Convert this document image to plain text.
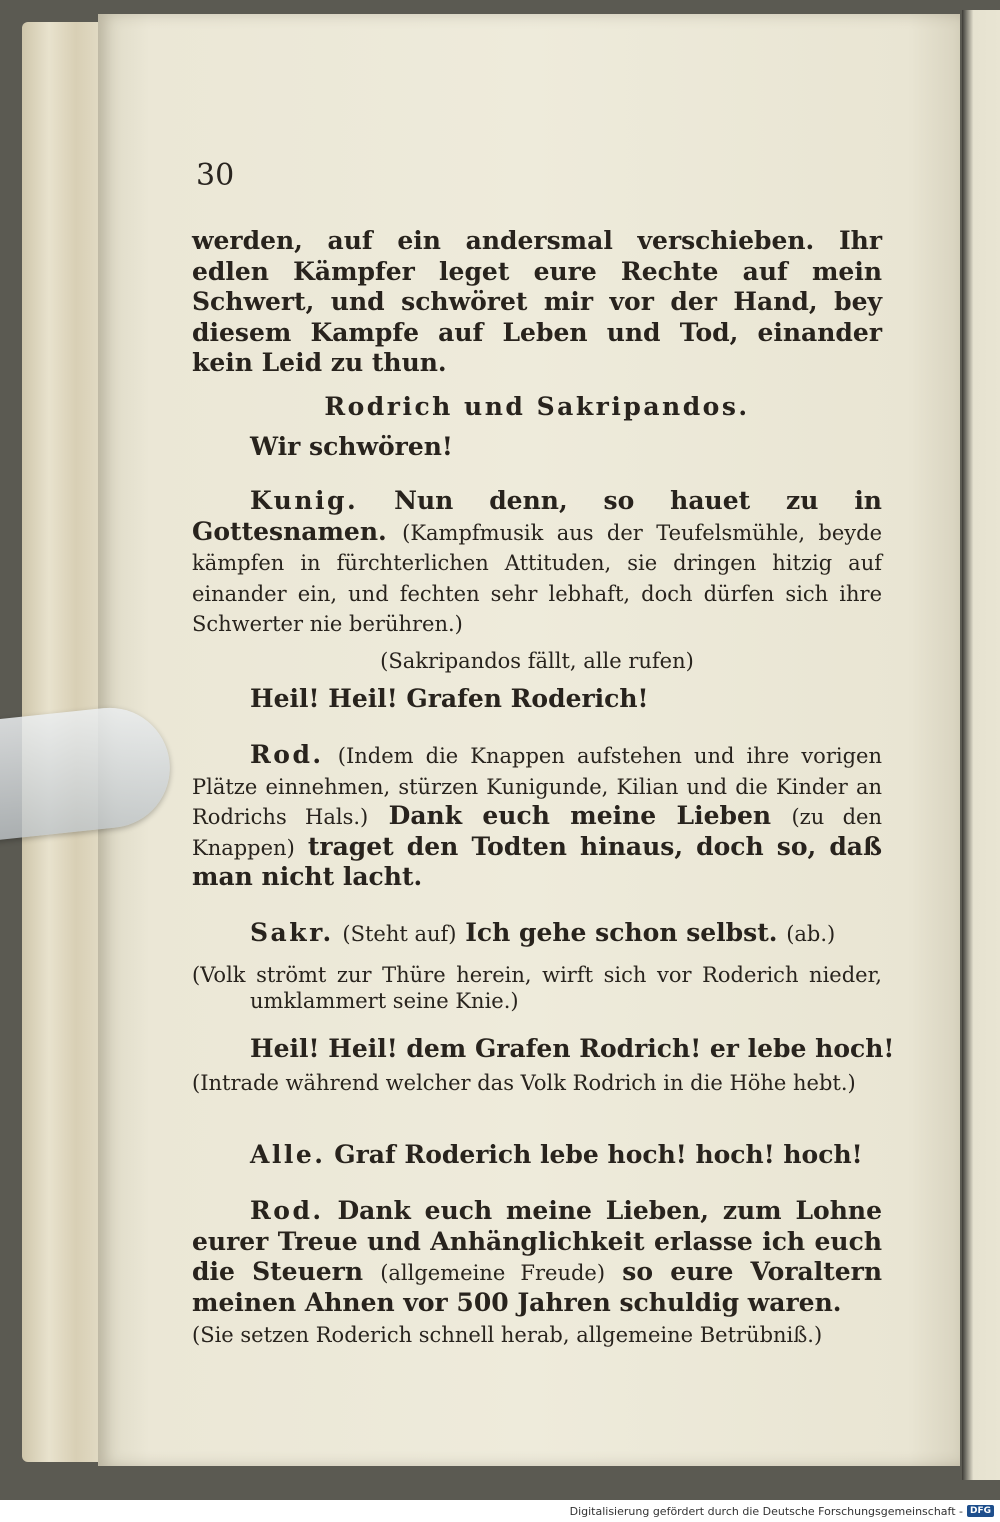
30

werden, auf ein andersmal verschieben. Ihr edlen Kämpfer leget eure Rechte auf mein Schwert, und schwöret mir vor der Hand, bey diesem Kampfe auf Leben und Tod, einander kein Leid zu thun.

Rodrich und Sakripandos.
Wir schwören!

Kunig. Nun denn, so hauet zu in Gottesnamen. (Kampfmusik aus der Teufelsmühle, beyde kämpfen in fürchterlichen Attituden, sie dringen hitzig auf einander ein, und fechten sehr lebhaft, doch dürfen sich ihre Schwerter nie berühren.)

(Sakripandos fällt, alle rufen)
Heil! Heil! Grafen Roderich!

Rod. (Indem die Knappen aufstehen und ihre vorigen Plätze einnehmen, stürzen Kunigunde, Kilian und die Kinder an Rodrichs Hals.) Dank euch meine Lieben (zu den Knappen) traget den Todten hinaus, doch so, daß man nicht lacht.

Sakr. (Steht auf) Ich gehe schon selbst. (ab.)

(Volk strömt zur Thüre herein, wirft sich vor Roderich nieder, umklammert seine Knie.)

Heil! Heil! dem Grafen Rodrich! er lebe hoch!

(Intrade während welcher das Volk Rodrich in die Höhe hebt.)

Alle. Graf Roderich lebe hoch! hoch! hoch!

Rod. Dank euch meine Lieben, zum Lohne eurer Treue und Anhänglichkeit erlasse ich euch die Steuern (allgemeine Freude) so eure Voraltern meinen Ahnen vor 500 Jahren schuldig waren.

(Sie setzen Roderich schnell herab, allgemeine Betrübniß.)
Digitalisierung gefördert durch die Deutsche Forschungsgemeinschaft - DFG
